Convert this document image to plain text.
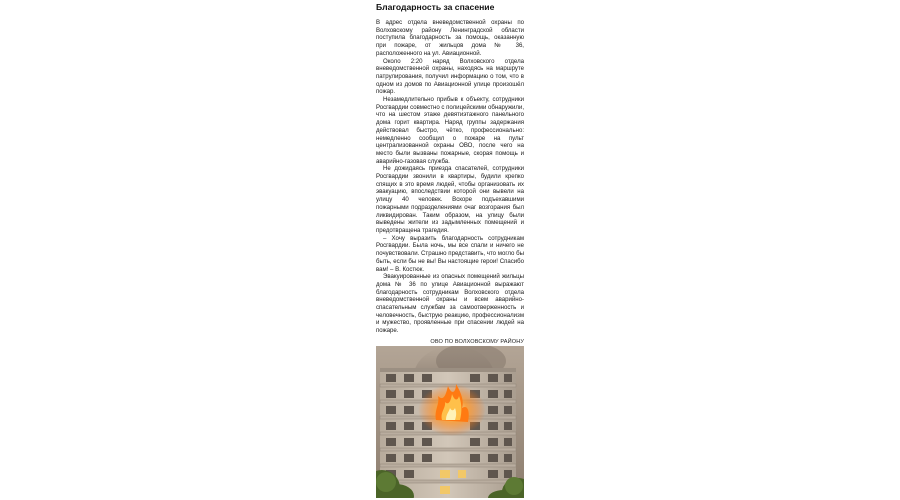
Благодарность за спасение

В адрес отдела вневедомственной охраны по Волховскому району Ленинградской области поступила благодарность за помощь, оказанную при пожаре, от жильцов дома № 36, расположенного на ул. Авиационной.

Около 2:20 наряд Волховского отдела вневедомственной охраны, находясь на маршруте патрулирования, получил информацию о том, что в одном из домов по Авиационной улице произошёл пожар.

Незамедлительно прибыв к объекту, сотрудники Росгвардии совместно с полицейскими обнаружили, что на шестом этаже девятиэтажного панельного дома горит квартира. Наряд группы задержания действовал быстро, чётко, профессионально: немедленно сообщил о пожаре на пульт централизованной охраны ОВО, после чего на место были вызваны пожарные, скорая помощь и аварийно-газовая служба.

Не дожидаясь приезда спасателей, сотрудники Росгвардии звонили в квартиры, будили крепко спящих в это время людей, чтобы организовать их эвакуацию, впоследствии которой они вывели на улицу 40 человек. Вскоре подъехавшими пожарными подразделениями очаг возгорания был ликвидирован. Таким образом, на улицу были выведены жители из задымленных помещений и предотвращена трагедия.

– Хочу выразить благодарность сотрудникам Росгвардии. Была ночь, мы все спали и ничего не почувствовали. Страшно представить, что могло бы быть, если бы не вы! Вы настоящие герои! Спасибо вам! – В. Костюк.

Эвакуированные из опасных помещений жильцы дома № 36 по улице Авиационной выражают благодарность сотрудникам Волховского отдела вневедомственной охраны и всем аварийно-спасательным службам за самоотверженность и человечность, быструю реакцию, профессионализм и мужество, проявленные при спасении людей на пожаре.

ОВО ПО ВОЛХОВСКОМУ РАЙОНУ
